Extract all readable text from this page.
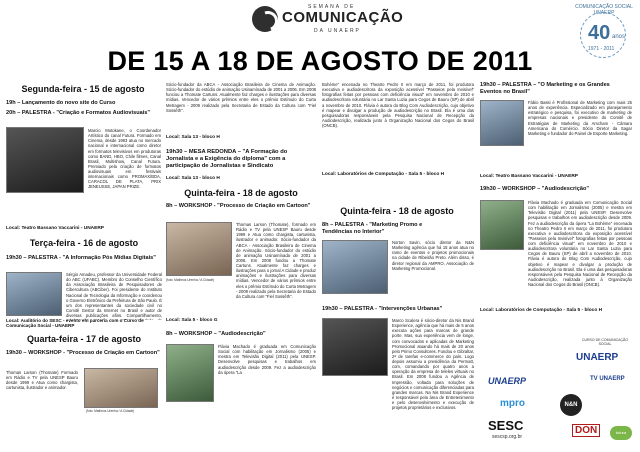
SEMANA DE
COMUNICAÇÃO
DA UNAERP
COMUNICAÇÃO SOCIAL UNAERP
40 anos
1971 - 2011
DE 15 A 18 DE AGOSTO DE 2011
Segunda-feira - 15 de agosto
19h – Lançamento do novo site do Curso
20h – PALESTRA - "Criação e Formatos Audiovisuais"
Marcio Motokane, o Coordenador Artístico do canal Futura. Formado em Cinema, desde 1993 atua no mercado nacional e internacional como diretor em formatos televisivos em produtoras como BAND, HBO, Chile filmes, Canal Brasil, Multishow, Canal Futura. Premiado pela criação de formatos audiovisuais em festivais internacionais como PROMAX/BDA, CARACOL DE PLATA, PRIX JENEUSSE, JAPAN PRIZE.
Local: Teatro Bassano Vaccarini - UNAERP
Terça-feira - 16 de agosto
19h30 – PALESTRA - "A Informação Pós Mídias Digitais"
Sérgio Amadeu, professor da Universidade Federal do ABC (UFABC). Membro do Conselho Científico da Associação Brasileira de Pesquisadores de Cibercultura (ABCiber). Foi presidente do Instituto Nacional de Tecnologia da Informação e coordenou o Governo Eletrônico da Prefeitura de São Paulo. É um dos representantes da sociedade civil no Comitê Gestor da Internet no Brasil e autor de diversas publicações afins. Compartilhamento,
Local: Auditório do SESC - evento em parceria com o Curso de Comunicação Social - UNAERP
Quarta-feira - 17 de agosto
19h30 – WORKSHOP - "Processo de Criação em Cartoon"
Thomas Larson (Thomate) Formado em Rádio e TV pela UNESP Bauru desde 1999 e Atua como chargista, cartunista, ilustrador e animador.
(foto: Matheus Urenha / A Cidade)
Sócio-fundador da ABCA - Associação Brasileira de Cinema de Animação. Sócio-fundador do estúdio de animação Usinamínada de 2001 a 2006. Em 2008 funciou a Thomate Cartuns. Atualmente faz charges e ilustrações para diversas mídias. Vencedor de vários prêmios entre eles o prêmio Estímulo do Curta Metragem - 2009 realizado pela Secretaria de Estado da Cultura com "Fiel Sossêth".
Local: Sala 13 - bloco H
19h30 – MESA REDONDA – "A Formação do Jornalista e a Exigência do diploma" com a participação de Jornalistas e Sindicato
Local: Sala 13 - bloco H
Quinta-feira - 18 de agosto
8h – WORKSHOP - "Processo de Criação em Cartoon"
(foto: Matheus Urenha / A Cidade)
Thomas Larson (Thomate), formado em Rádio e TV pela UNESP Bauru desde 1999 e Atua como chargista, cartunista, ilustrador e animador. Sócio-fundador da ABCA - Associação Brasileira de Cinema de Animação. Sócio-fundador do estúdio de animação Usinamínada de 2001 a 2006. Em 2008 fundou a Thomate Cartuns. Atualmente faz charges e ilustrações para o jornal A Cidade e produz animações e ilustrações para diversas mídias. Vencedor de vários prêmios entre eles o prêmio Estímulo do Curta Metragem - 2009 realizado pela Secretaria de Estado da Cultura com "Fiel Sossêth".
Local: Sala 5 - bloco G
8h – WORKSHOP – "Audiodescrição"
Flávia Machado é graduada em Comunicação Social com habilitação em Jornalismo (2005) e mestra em Televisão Digital (2011) pela UNESP. Desenvolve pesquisas e trabalhos em audiodescrição desde 2009. Fez a audiodescrição da ópera "La
Bohème" encenada no Theatro Pedro II em março de 2011, foi produtora executiva e audiodescritora da exposição acessível "Passeios pela Invisível" fotografias feitas por pessoas com deficiência visual" em novembro de 2010 e audiodescritora voluntária no Lar Santa Luzia para Cegos de Bauru (SP) de abril a novembro de 2010. Flávia é autora do Blog Com Audiodescrição, cujo objetivo é mapear e divulgar a produção de audiodescrição no Brasil. Ela é uma das pesquisadoras responsáveis pela Pesquisa Nacional de Recepção da Audiodescrição, realizada junto à Organização Nacional dos Cegos do Brasil (ONCB).
Local: Laboratórios de Computação - Sala 5 - bloco H
Quinta-feira - 18 de agosto
8h – PALESTRA - "Marketing Promo e Tendências no Interior"
Norton Savin, sócio diretor da N&N Marketing agência que há 15 anos atua no ramo de eventos e projetos promocionais na cidade de Ribeirão Preto. Além disso, é diretor regional da AMPRO, Associação de Marketing Promocional.
19h30 – PALESTRA - "Intervenções Urbanas"
Marco Scalera é sócio-diretor da Nis Brand Experience, agência que há mais de 5 anos executa ações para marcas de grande porte. Mas, sua experiência vem de longe, com convocados e aplicadas de Marketing Promocional atuando há mais de 20 anos pelo Primo Consultores. Fundou e Gibraltar, 2ª de tarefas e-commerce do país. Logo depois assumiu a presidência da Permatt, com, comandando por quatro anos a operação da empresa de teleles virtuais no Brasil. Em 2008 fundou a Agência de Impressão, voltada para soluções de negócios e comunicação diferenciadas para grandes marcas. Na Nis Brand Experience é responsável pela área de Entretenimento e pelo desenvolvimento e execução de projetos proprietários e exclusivos.
19h30 – PALESTRA – "O Marketing e os Grandes Eventos no Brasil"
Fábio Bassi é Profissional de Marketing com mais 25 anos de experiência. Especializado em planejamento estratégico e pesquisa, foi executivo de marketing de empresas nacionais e presidente do Comitê de Estratégias de Marketing da Amcham - Câmara Americana do Comércio. Sócio Diretor da Sagar Marketing e fundador do Painel de Esporte Marketing.
Local: Teatro Bassano Vaccarini - UNAERP
19h30 – WORKSHOP – "Audiodescrição"
Flávia Machado é graduada em Comunicação Social com habilitação em Jornalismo (2005) e mestra em Televisão Digital (2011) pela UNESP. Desenvolve pesquisas e trabalhos em audiodescrição desde 2009. Fez a audiodescrição da ópera "La Bohème" encenada no Theatro Pedro II em março de 2011, foi produtora executiva e audiodescritora da exposição acessível "Passeios pela Invisível" fotografias feitas por pessoas com deficiência visual" em novembro de 2010 e audiodescritora voluntária no Lar Santa Luzia para Cegos de Bauru (SP) de abril a novembro de 2010. Flávia é autora do Blog Com Audiodescrição, cujo objetivo é mapear e divulgar a produção de audiodescrição no Brasil. Ela é uma das pesquisadoras responsáveis pela Pesquisa Nacional de Recepção da Audiodescrição, realizada junto à Organização Nacional dos Cegos do Brasil (ONCB).
Local: Laboratórios de Computação - Sala 5 - bloco H
CURSO DE COMUNICAÇÃO SOCIAL
UNAERP
UNAERP	TV UNAERP
mpro	N&N
SESC
sescsp.org.br
DON	futura
